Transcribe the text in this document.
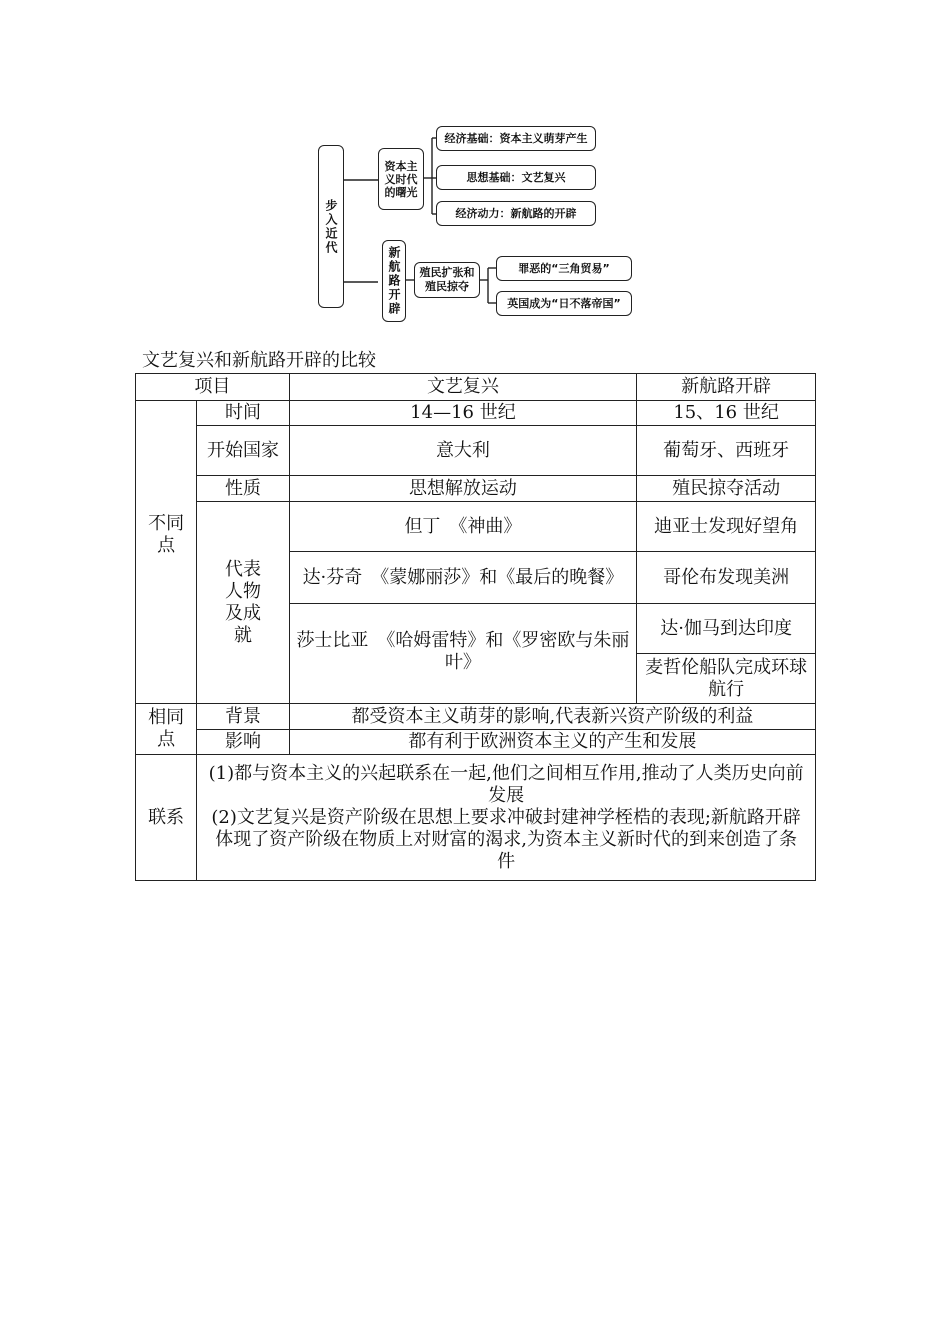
步入近代
资本主义时代的曙光
经济基础：资本主义萌芽产生
思想基础：文艺复兴
经济动力：新航路的开辟
新航路开辟	殖民扩张和殖民掠夺
罪恶的“三角贸易”
英国成为“日不落帝国”
文艺复兴和新航路开辟的比较
项目		文艺复兴	新航路开辟
不同点	时间	14—16 世纪	15、16 世纪
	开始国家	意大利	葡萄牙、西班牙
	性质	思想解放运动	殖民掠夺活动
	代表人物及成就	但丁　《神曲》	迪亚士发现好望角
		达·芬奇　《蒙娜丽莎》和《最后的晚餐》	哥伦布发现美洲
		莎士比亚　《哈姆雷特》和《罗密欧与朱丽叶》	达·伽马到达印度
			麦哲伦船队完成环球航行
相同点	背景	都受资本主义萌芽的影响,代表新兴资产阶级的利益	
	影响	都有利于欧洲资本主义的产生和发展	
联系	(1)都与资本主义的兴起联系在一起,他们之间相互作用,推动了人类历史向前发展
(2)文艺复兴是资产阶级在思想上要求冲破封建神学桎梏的表现;新航路开辟体现了资产阶级在物质上对财富的渴求,为资本主义新时代的到来创造了条件		
